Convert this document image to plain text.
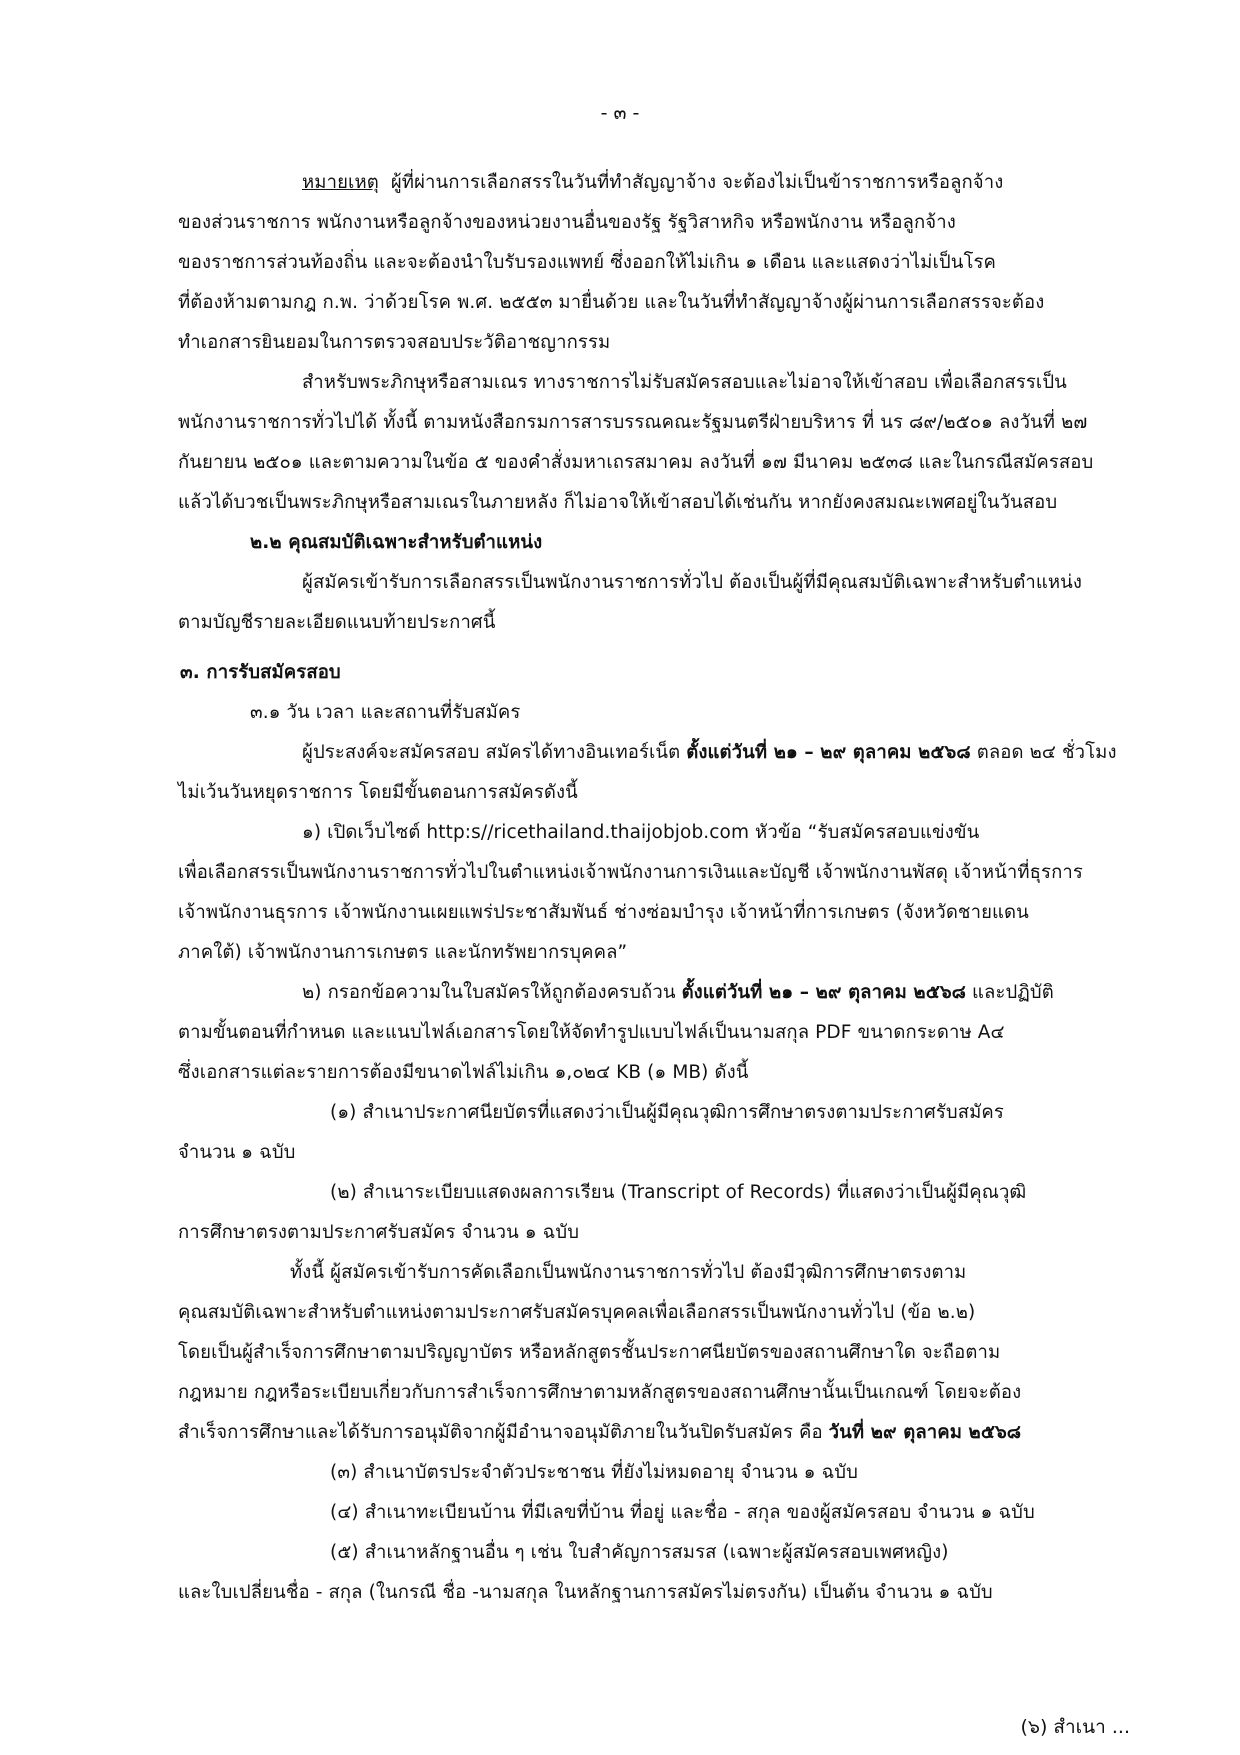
- ๓ -
หมายเหตุ ผู้ที่ผ่านการเลือกสรรในวันที่ทำสัญญาจ้าง จะต้องไม่เป็นข้าราชการหรือลูกจ้าง
ของส่วนราชการ พนักงานหรือลูกจ้างของหน่วยงานอื่นของรัฐ รัฐวิสาหกิจ หรือพนักงาน หรือลูกจ้าง
ของราชการส่วนท้องถิ่น และจะต้องนำใบรับรองแพทย์ ซึ่งออกให้ไม่เกิน ๑ เดือน และแสดงว่าไม่เป็นโรค
ที่ต้องห้ามตามกฎ ก.พ. ว่าด้วยโรค พ.ศ. ๒๕๕๓ มายื่นด้วย และในวันที่ทำสัญญาจ้างผู้ผ่านการเลือกสรรจะต้อง
ทำเอกสารยินยอมในการตรวจสอบประวัติอาชญากรรม
สำหรับพระภิกษุหรือสามเณร ทางราชการไม่รับสมัครสอบและไม่อาจให้เข้าสอบ เพื่อเลือกสรรเป็น
พนักงานราชการทั่วไปได้ ทั้งนี้ ตามหนังสือกรมการสารบรรณคณะรัฐมนตรีฝ่ายบริหาร ที่ นร ๘๙/๒๕๐๑ ลงวันที่ ๒๗
กันยายน ๒๕๐๑ และตามความในข้อ ๕ ของคำสั่งมหาเถรสมาคม ลงวันที่ ๑๗ มีนาคม ๒๕๓๘ และในกรณีสมัครสอบ
แล้วได้บวชเป็นพระภิกษุหรือสามเณรในภายหลัง ก็ไม่อาจให้เข้าสอบได้เช่นกัน หากยังคงสมณะเพศอยู่ในวันสอบ
๒.๒ คุณสมบัติเฉพาะสำหรับตำแหน่ง
ผู้สมัครเข้ารับการเลือกสรรเป็นพนักงานราชการทั่วไป ต้องเป็นผู้ที่มีคุณสมบัติเฉพาะสำหรับตำแหน่ง
ตามบัญชีรายละเอียดแนบท้ายประกาศนี้
๓. การรับสมัครสอบ
๓.๑ วัน เวลา และสถานที่รับสมัคร
ผู้ประสงค์จะสมัครสอบ สมัครได้ทางอินเทอร์เน็ต ตั้งแต่วันที่ ๒๑ – ๒๙ ตุลาคม ๒๕๖๘ ตลอด ๒๔ ชั่วโมง
ไม่เว้นวันหยุดราชการ โดยมีขั้นตอนการสมัครดังนี้
๑) เปิดเว็บไซต์ http:s//ricethailand.thaijobjob.com หัวข้อ “รับสมัครสอบแข่งขัน
เพื่อเลือกสรรเป็นพนักงานราชการทั่วไปในตำแหน่งเจ้าพนักงานการเงินและบัญชี เจ้าพนักงานพัสดุ เจ้าหน้าที่ธุรการ
เจ้าพนักงานธุรการ เจ้าพนักงานเผยแพร่ประชาสัมพันธ์ ช่างซ่อมบำรุง เจ้าหน้าที่การเกษตร (จังหวัดชายแดน
ภาคใต้) เจ้าพนักงานการเกษตร และนักทรัพยากรบุคคล”
๒) กรอกข้อความในใบสมัครให้ถูกต้องครบถ้วน ตั้งแต่วันที่ ๒๑ – ๒๙ ตุลาคม ๒๕๖๘ และปฏิบัติ
ตามขั้นตอนที่กำหนด และแนบไฟล์เอกสารโดยให้จัดทำรูปแบบไฟล์เป็นนามสกุล PDF ขนาดกระดาษ A๔
ซึ่งเอกสารแต่ละรายการต้องมีขนาดไฟล์ไม่เกิน ๑,๐๒๔ KB (๑ MB) ดังนี้
(๑) สำเนาประกาศนียบัตรที่แสดงว่าเป็นผู้มีคุณวุฒิการศึกษาตรงตามประกาศรับสมัคร
จำนวน ๑ ฉบับ
(๒) สำเนาระเบียบแสดงผลการเรียน (Transcript of Records) ที่แสดงว่าเป็นผู้มีคุณวุฒิ
การศึกษาตรงตามประกาศรับสมัคร จำนวน ๑ ฉบับ
ทั้งนี้ ผู้สมัครเข้ารับการคัดเลือกเป็นพนักงานราชการทั่วไป ต้องมีวุฒิการศึกษาตรงตาม
คุณสมบัติเฉพาะสำหรับตำแหน่งตามประกาศรับสมัครบุคคลเพื่อเลือกสรรเป็นพนักงานทั่วไป (ข้อ ๒.๒)
โดยเป็นผู้สำเร็จการศึกษาตามปริญญาบัตร หรือหลักสูตรชั้นประกาศนียบัตรของสถานศึกษาใด จะถือตาม
กฎหมาย กฎหรือระเบียบเกี่ยวกับการสำเร็จการศึกษาตามหลักสูตรของสถานศึกษานั้นเป็นเกณฑ์ โดยจะต้อง
สำเร็จการศึกษาและได้รับการอนุมัติจากผู้มีอำนาจอนุมัติภายในวันปิดรับสมัคร คือ วันที่ ๒๙ ตุลาคม ๒๕๖๘
(๓) สำเนาบัตรประจำตัวประชาชน ที่ยังไม่หมดอายุ จำนวน ๑ ฉบับ
(๔) สำเนาทะเบียนบ้าน ที่มีเลขที่บ้าน ที่อยู่ และชื่อ - สกุล ของผู้สมัครสอบ จำนวน ๑ ฉบับ
(๕) สำเนาหลักฐานอื่น ๆ เช่น ใบสำคัญการสมรส (เฉพาะผู้สมัครสอบเพศหญิง)
และใบเปลี่ยนชื่อ - สกุล (ในกรณี ชื่อ -นามสกุล ในหลักฐานการสมัครไม่ตรงกัน) เป็นต้น จำนวน ๑ ฉบับ
(๖) สำเนา ...
